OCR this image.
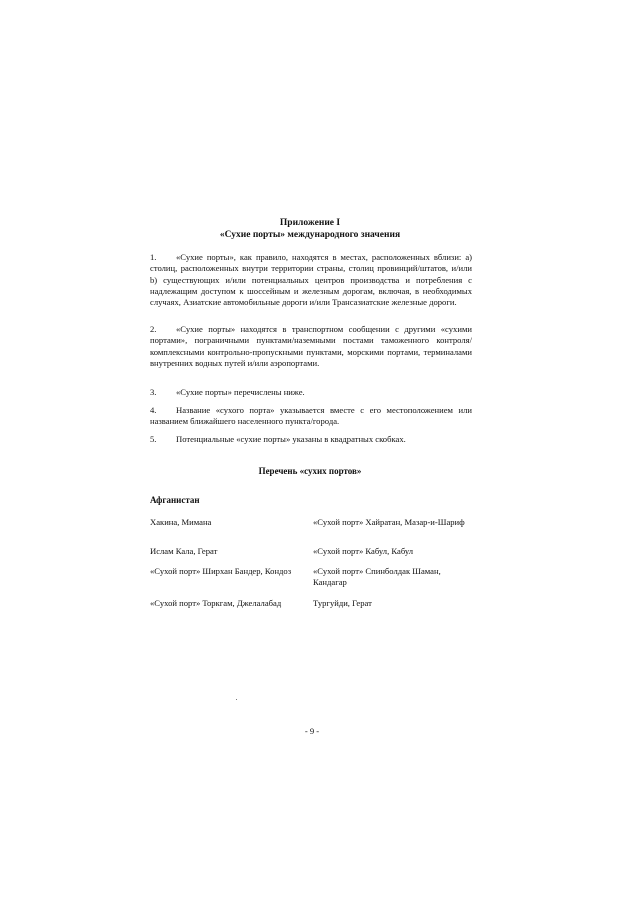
Приложение I
«Сухие порты» международного значения
1.	«Сухие порты», как правило, находятся в местах, расположенных вблизи: а) столиц, расположенных внутри территории страны, столиц провинций/штатов, и/или b) существующих и/или потенциальных центров производства и потребления с надлежащим доступом к шоссейным и железным дорогам, включая, в необходимых случаях, Азиатские автомобильные дороги и/или Трансазиатские железные дороги.
2.	«Сухие порты» находятся в транспортном сообщении с другими «сухими портами», пограничными пунктами/наземными постами таможенного контроля/комплексными контрольно-пропускными пунктами, морскими портами, терминалами внутренних водных путей и/или аэропортами.
3.	«Сухие порты» перечислены ниже.
4.	Название «сухого порта» указывается вместе с его местоположением или названием ближайшего населенного пункта/города.
5.	Потенциальные «сухие порты» указаны в квадратных скобках.
Перечень «сухих портов»
Афганистан
Хакина, Мимана	«Сухой порт» Хайратан, Мазар-и-Шариф
Ислам Кала, Герат	«Сухой порт» Кабул, Кабул
«Сухой порт» Ширхан Бандер, Кондоз	«Сухой порт» Спинболдак Шаман, Кандагар
«Сухой порт» Торкгам, Джелалабад	Тургуйди, Герат
- 9 -
